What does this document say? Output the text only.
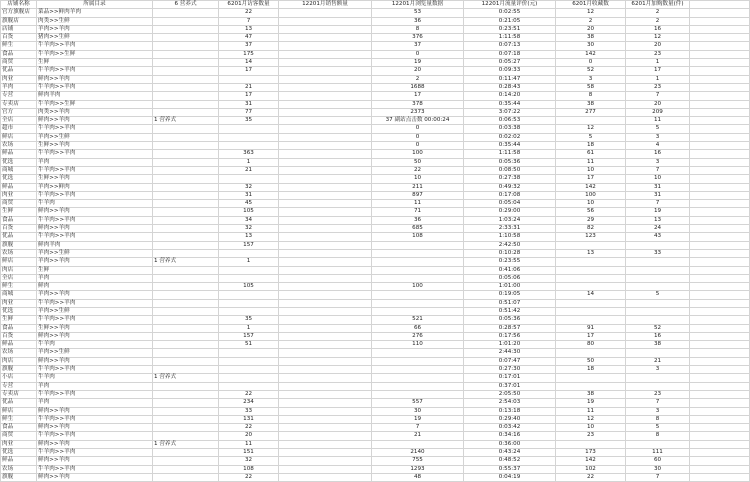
店铺名称	所属目录	6 营养式	6201月访客数量	12201月销售额量	12201月浏览量数据	12201月流量评价(元)	6201月收藏数	6201月加购数量(件)	
官方旗舰店	菜品>>鲜肉羊肉		22		53	0:02:55	12	2	
旗舰店	肉类>>生鲜		7		36	0:21:05	2	2	
店铺	羊肉>>羊肉		13		8	0:23:51	20	16	
百货	猪肉>>生鲜		47		376	1:11:58	38	12	
鲜生	牛羊肉>>羊肉		37		37	0:07:13	30	20	
食品	牛羊肉>>生鲜		175		0	0:07:18	142	23	
商贸	生鲜		14		19	0:05:27	0	1	
优品	牛羊肉>>羊肉		17		20	0:09:33	52	17	
肉业	鲜肉>>羊肉				2	0:11:47	3	1	
羊肉	牛羊肉>>羊肉		21		1688	0:28:43	58	23	
专营	鲜肉羊肉		17		17	0:14:20	8	7	
专卖店	牛羊肉>>生鲜		31		378	0:35:44	38	20	
官方	肉类>>羊肉		77		2373	3:07:22	277	209	
全店	鲜肉>>羊肉	1 营养式	35		37 副站点击数 00:00:24	0:06:53		11	
超市	牛羊肉>>羊肉				0	0:03:38	12	5	
鲜店	羊肉>>生鲜				0	0:02:02	5	3	
农场	生鲜>>羊肉				0	0:35:44	18	4	
鲜品	牛羊肉>>羊肉		363		100	1:11:58	61	16	
优选	羊肉		1		50	0:05:36	11	3	
商城	牛羊肉>>羊肉		21		22	0:08:50	10	7	
优选	生鲜>>羊肉				10	0:27:38	17	10	
鲜品	羊肉>>鲜肉		32		211	0:49:32	142	31	
肉业	牛羊肉>>羊肉		31		897	0:17:08	100	31	
商贸	牛羊肉		45		11	0:05:04	10	7	
生鲜	鲜肉>>羊肉		105		71	0:29:00	56	19	
食品	牛羊肉>>羊肉		34		36	1:03:24	29	13	
百货	鲜肉>>羊肉		32		685	2:33:31	82	24	
优品	牛羊肉>>羊肉		13		108	1:10:58	123	43	
旗舰	鲜肉羊肉		157			2:42:50			
农场	羊肉>>生鲜					0:10:28	13	33	
鲜店	羊肉>>羊肉	1 营养式	1			0:23:55			
肉店	生鲜					0:41:06			
全店	羊肉					0:05:06			
鲜生	鲜肉		105		100	1:01:00			
商城	羊肉>>羊肉					0:19:05	14	5	
肉业	牛羊肉>>羊肉					0:51:07			
优选	羊肉>>生鲜					0:51:42			
生鲜	牛羊肉>>羊肉		35		521	0:05:36			
食品	生鲜>>羊肉		1		66	0:28:57	91	52	
百货	鲜肉>>羊肉		157		276	0:17:56	17	16	
鲜品	牛羊肉		51		110	1:01:20	80	38	
农场	羊肉>>生鲜					2:44:30			
肉店	鲜肉>>羊肉					0:07:47	50	21	
旗舰	牛羊肉>>羊肉					0:27:30	18	3	
小店	牛羊肉	1 营养式				0:17:01			
专营	羊肉					0:37:01			
专卖店	牛羊肉>>羊肉		22			2:05:50	38	23	
优品	羊肉		234		557	2:54:03	19	7	
鲜店	鲜肉>>羊肉		33		30	0:13:18	11	3	
鲜生	牛羊肉>>羊肉		131		19	0:29:40	12	8	
食品	鲜肉>>羊肉		22		7	0:03:42	10	5	
商贸	牛羊肉>>羊肉		20		21	0:34:16	23	8	
肉业	鲜肉>>羊肉	1 营养式	11			0:36:00			
优选	牛羊肉>>羊肉		151		2140	0:43:24	173	111	
鲜品	鲜肉>>羊肉		32		755	0:48:52	142	60	
农场	牛羊肉>>羊肉		108		1293	0:55:37	102	30	
旗舰	鲜肉>>羊肉		22		48	0:04:19	22	7	
